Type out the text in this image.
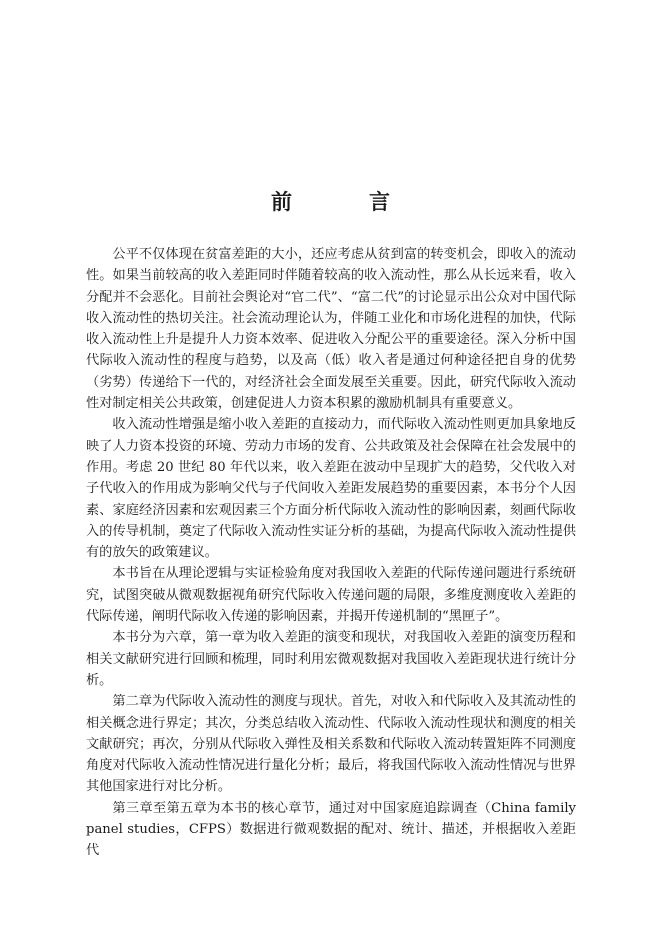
前　言

公平不仅体现在贫富差距的大小，还应考虑从贫到富的转变机会，即收入的流动性。如果当前较高的收入差距同时伴随着较高的收入流动性，那么从长远来看，收入分配并不会恶化。目前社会舆论对“官二代”、“富二代”的讨论显示出公众对中国代际收入流动性的热切关注。社会流动理论认为，伴随工业化和市场化进程的加快，代际收入流动性上升是提升人力资本效率、促进收入分配公平的重要途径。深入分析中国代际收入流动性的程度与趋势，以及高（低）收入者是通过何种途径把自身的优势（劣势）传递给下一代的，对经济社会全面发展至关重要。因此，研究代际收入流动性对制定相关公共政策，创建促进人力资本积累的激励机制具有重要意义。

收入流动性增强是缩小收入差距的直接动力，而代际收入流动性则更加具象地反映了人力资本投资的环境、劳动力市场的发育、公共政策及社会保障在社会发展中的作用。考虑 20 世纪 80 年代以来，收入差距在波动中呈现扩大的趋势，父代收入对子代收入的作用成为影响父代与子代间收入差距发展趋势的重要因素，本书分个人因素、家庭经济因素和宏观因素三个方面分析代际收入流动性的影响因素，刻画代际收入的传导机制，奠定了代际收入流动性实证分析的基础，为提高代际收入流动性提供有的放矢的政策建议。

本书旨在从理论逻辑与实证检验角度对我国收入差距的代际传递问题进行系统研究，试图突破从微观数据视角研究代际收入传递问题的局限，多维度测度收入差距的代际传递，阐明代际收入传递的影响因素，并揭开传递机制的“黑匣子”。

本书分为六章，第一章为收入差距的演变和现状，对我国收入差距的演变历程和相关文献研究进行回顾和梳理，同时利用宏微观数据对我国收入差距现状进行统计分析。

第二章为代际收入流动性的测度与现状。首先，对收入和代际收入及其流动性的相关概念进行界定；其次，分类总结收入流动性、代际收入流动性现状和测度的相关文献研究；再次，分别从代际收入弹性及相关系数和代际收入流动转置矩阵不同测度角度对代际收入流动性情况进行量化分析；最后，将我国代际收入流动性情况与世界其他国家进行对比分析。

第三章至第五章为本书的核心章节，通过对中国家庭追踪调查（China family panel studies，CFPS）数据进行微观数据的配对、统计、描述，并根据收入差距代
